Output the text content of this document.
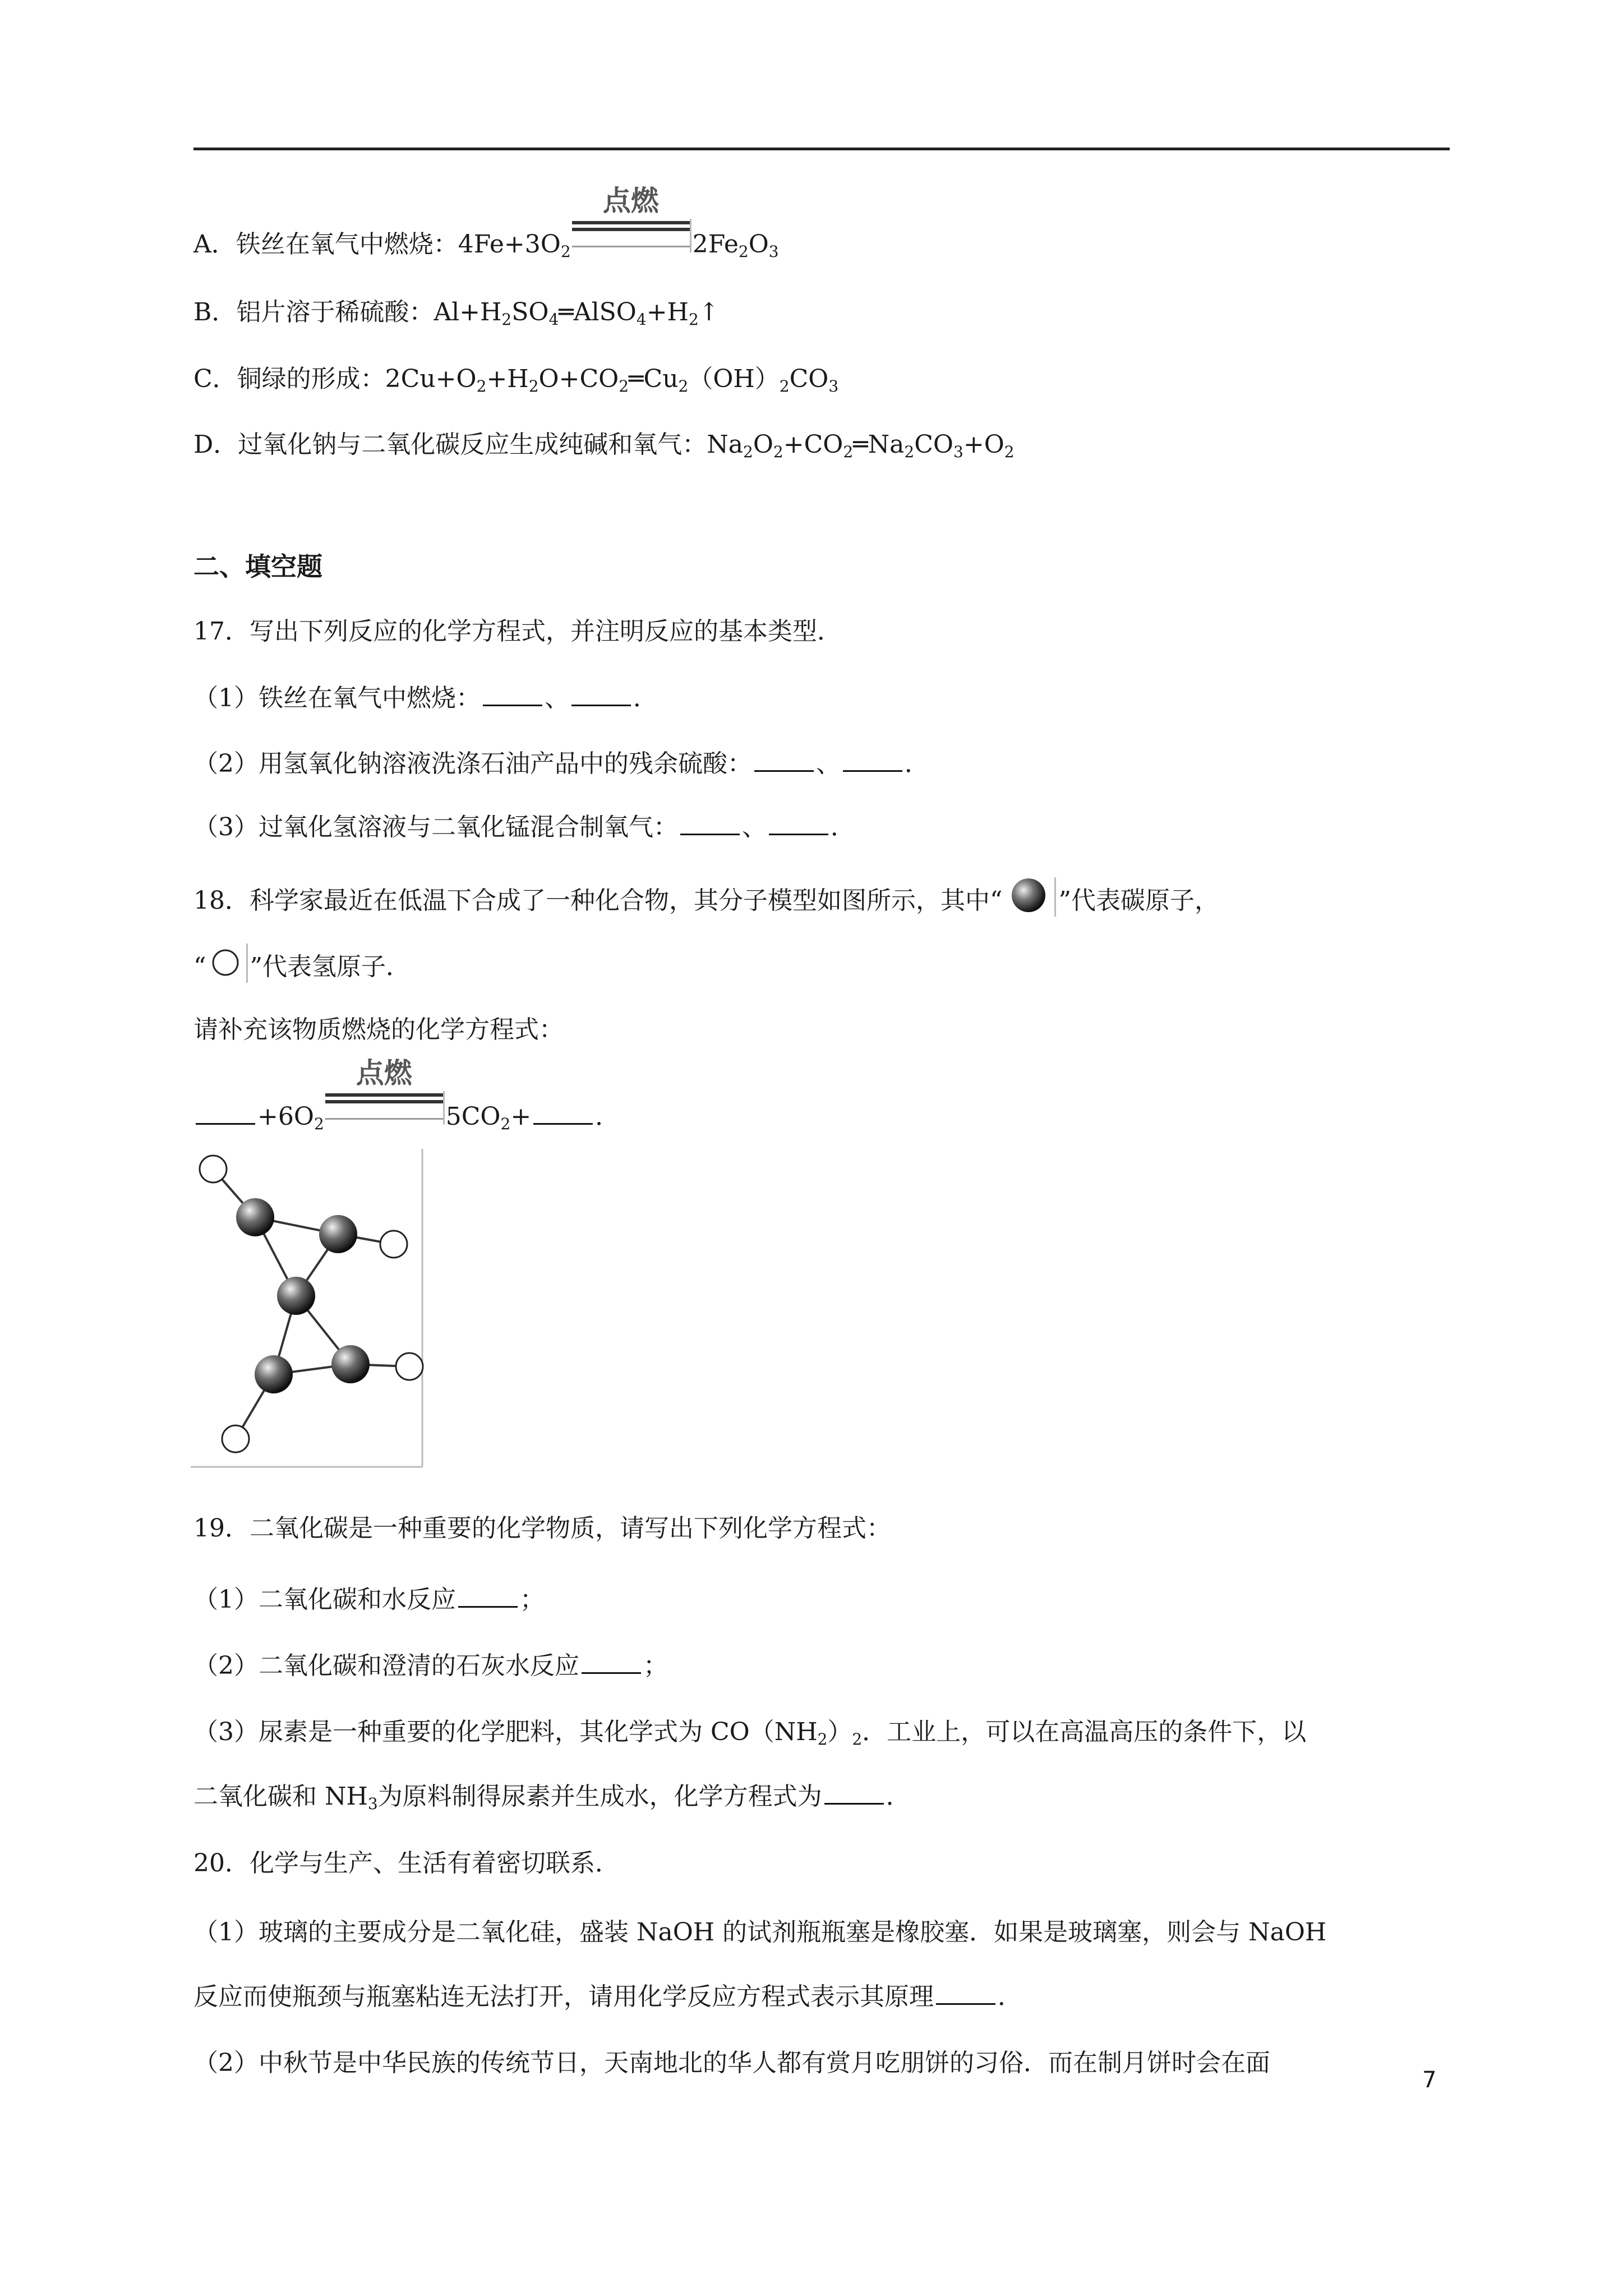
A．铁丝在氧气中燃烧：$4Fe+3O_2$
点燃
$2Fe_2O_3$
B．铝片溶于稀硫酸：$Al+H_2SO_4═AlSO_4+H_2↑$
C．铜绿的形成：$2Cu+O_2+H_2O+CO_2═Cu_2(OH)_2CO_3$
D．过氧化钠与二氧化碳反应生成纯碱和氧气：$Na_2O_2+CO_2═Na_2CO_3+O_2$
二、填空题
17．写出下列反应的化学方程式，并注明反应的基本类型．
（1）铁丝在氧气中燃烧：	、	．
（2）用氢氧化钠溶液洗涤石油产品中的残余硫酸：	、	．
（3）过氧化氢溶液与二氧化锰混合制氧气：	、	．
18．科学家最近在低温下合成了一种化合物，其分子模型如图所示，其中“ ”代表碳原子，
“ ”代表氢原子．
请补充该物质燃烧的化学方程式：
$+6O_2$
点燃
$5CO_2+$	．
19．二氧化碳是一种重要的化学物质，请写出下列化学方程式：
（1）二氧化碳和水反应	；
（2）二氧化碳和澄清的石灰水反应	；
（3）尿素是一种重要的化学肥料，其化学式为 $CO(NH_2)_2$．工业上，可以在高温高压的条件下，以
二氧化碳和 $NH_3$为原料制得尿素并生成水，化学方程式为	．
20．化学与生产、生活有着密切联系．
（1）玻璃的主要成分是二氧化硅，盛装 NaOH 的试剂瓶瓶塞是橡胶塞．如果是玻璃塞，则会与 NaOH
反应而使瓶颈与瓶塞粘连无法打开，请用化学反应方程式表示其原理	．
（2）中秋节是中华民族的传统节日，天南地北的华人都有赏月吃朋饼的习俗．而在制月饼时会在面
7
